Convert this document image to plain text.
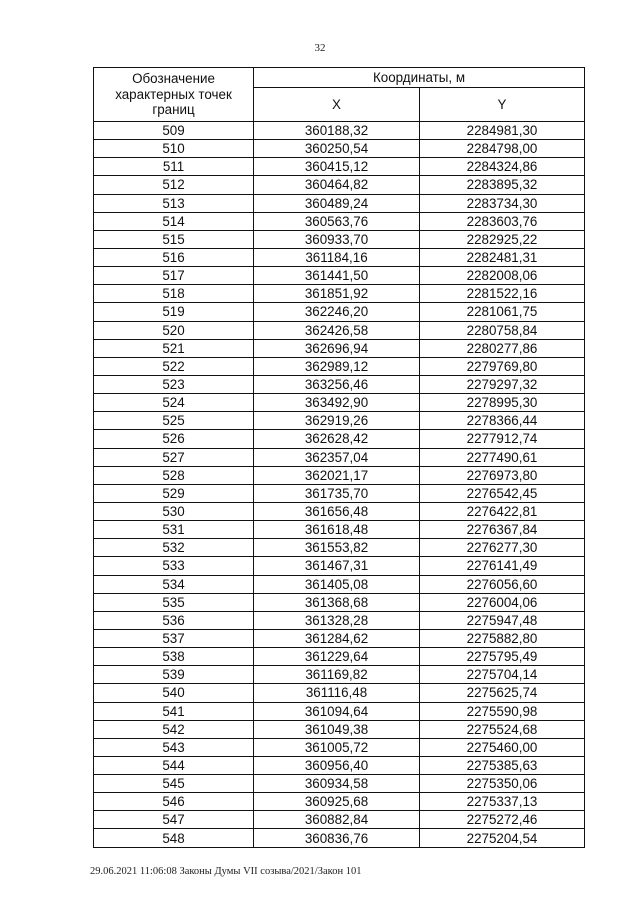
32
Обозначение характерных точек границ	Координаты, м	
	X	Y
509	360188,32	2284981,30
510	360250,54	2284798,00
511	360415,12	2284324,86
512	360464,82	2283895,32
513	360489,24	2283734,30
514	360563,76	2283603,76
515	360933,70	2282925,22
516	361184,16	2282481,31
517	361441,50	2282008,06
518	361851,92	2281522,16
519	362246,20	2281061,75
520	362426,58	2280758,84
521	362696,94	2280277,86
522	362989,12	2279769,80
523	363256,46	2279297,32
524	363492,90	2278995,30
525	362919,26	2278366,44
526	362628,42	2277912,74
527	362357,04	2277490,61
528	362021,17	2276973,80
529	361735,70	2276542,45
530	361656,48	2276422,81
531	361618,48	2276367,84
532	361553,82	2276277,30
533	361467,31	2276141,49
534	361405,08	2276056,60
535	361368,68	2276004,06
536	361328,28	2275947,48
537	361284,62	2275882,80
538	361229,64	2275795,49
539	361169,82	2275704,14
540	361116,48	2275625,74
541	361094,64	2275590,98
542	361049,38	2275524,68
543	361005,72	2275460,00
544	360956,40	2275385,63
545	360934,58	2275350,06
546	360925,68	2275337,13
547	360882,84	2275272,46
548	360836,76	2275204,54
29.06.2021 11:06:08 Законы Думы VII созыва/2021/Закон 101
